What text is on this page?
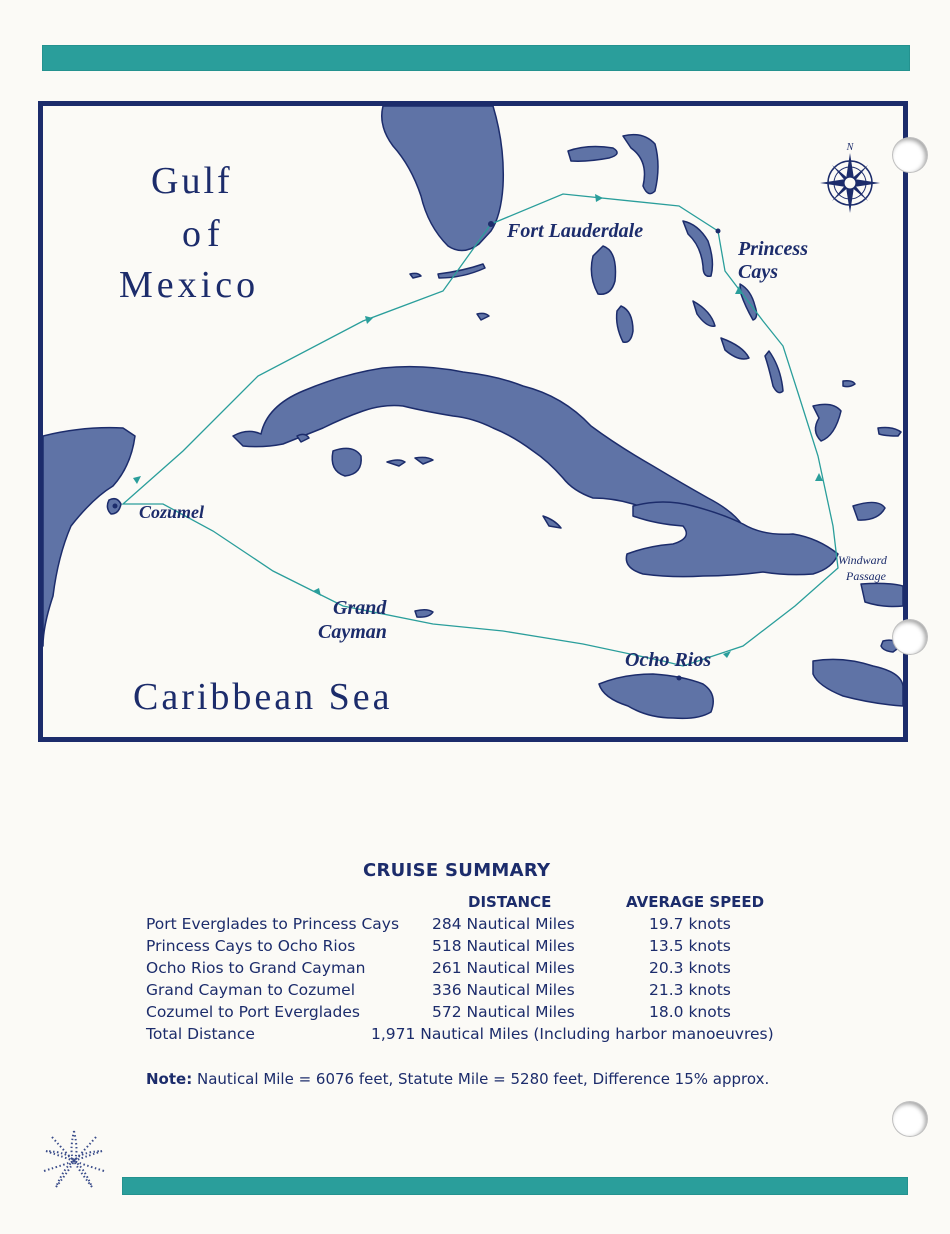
N
Gulf
of
Mexico
Caribbean Sea
Fort Lauderdale
Princess
Cays
Cozumel
Grand
Cayman
Ocho Rios
Windward
Passage
CRUISE SUMMARY
DISTANCE	AVERAGE SPEED
Port Everglades to Princess Cays 284 Nautical Miles	19.7 knots
Princess Cays to Ocho Rios	518 Nautical Miles	13.5 knots
Ocho Rios to Grand Cayman	261 Nautical Miles	20.3 knots
Grand Cayman to Cozumel	336 Nautical Miles	21.3 knots
Cozumel to Port Everglades	572 Nautical Miles	18.0 knots
Total Distance	1,971 Nautical Miles (Including harbor manoeuvres)
Note: Nautical Mile = 6076 feet, Statute Mile = 5280 feet, Difference 15% approx.
